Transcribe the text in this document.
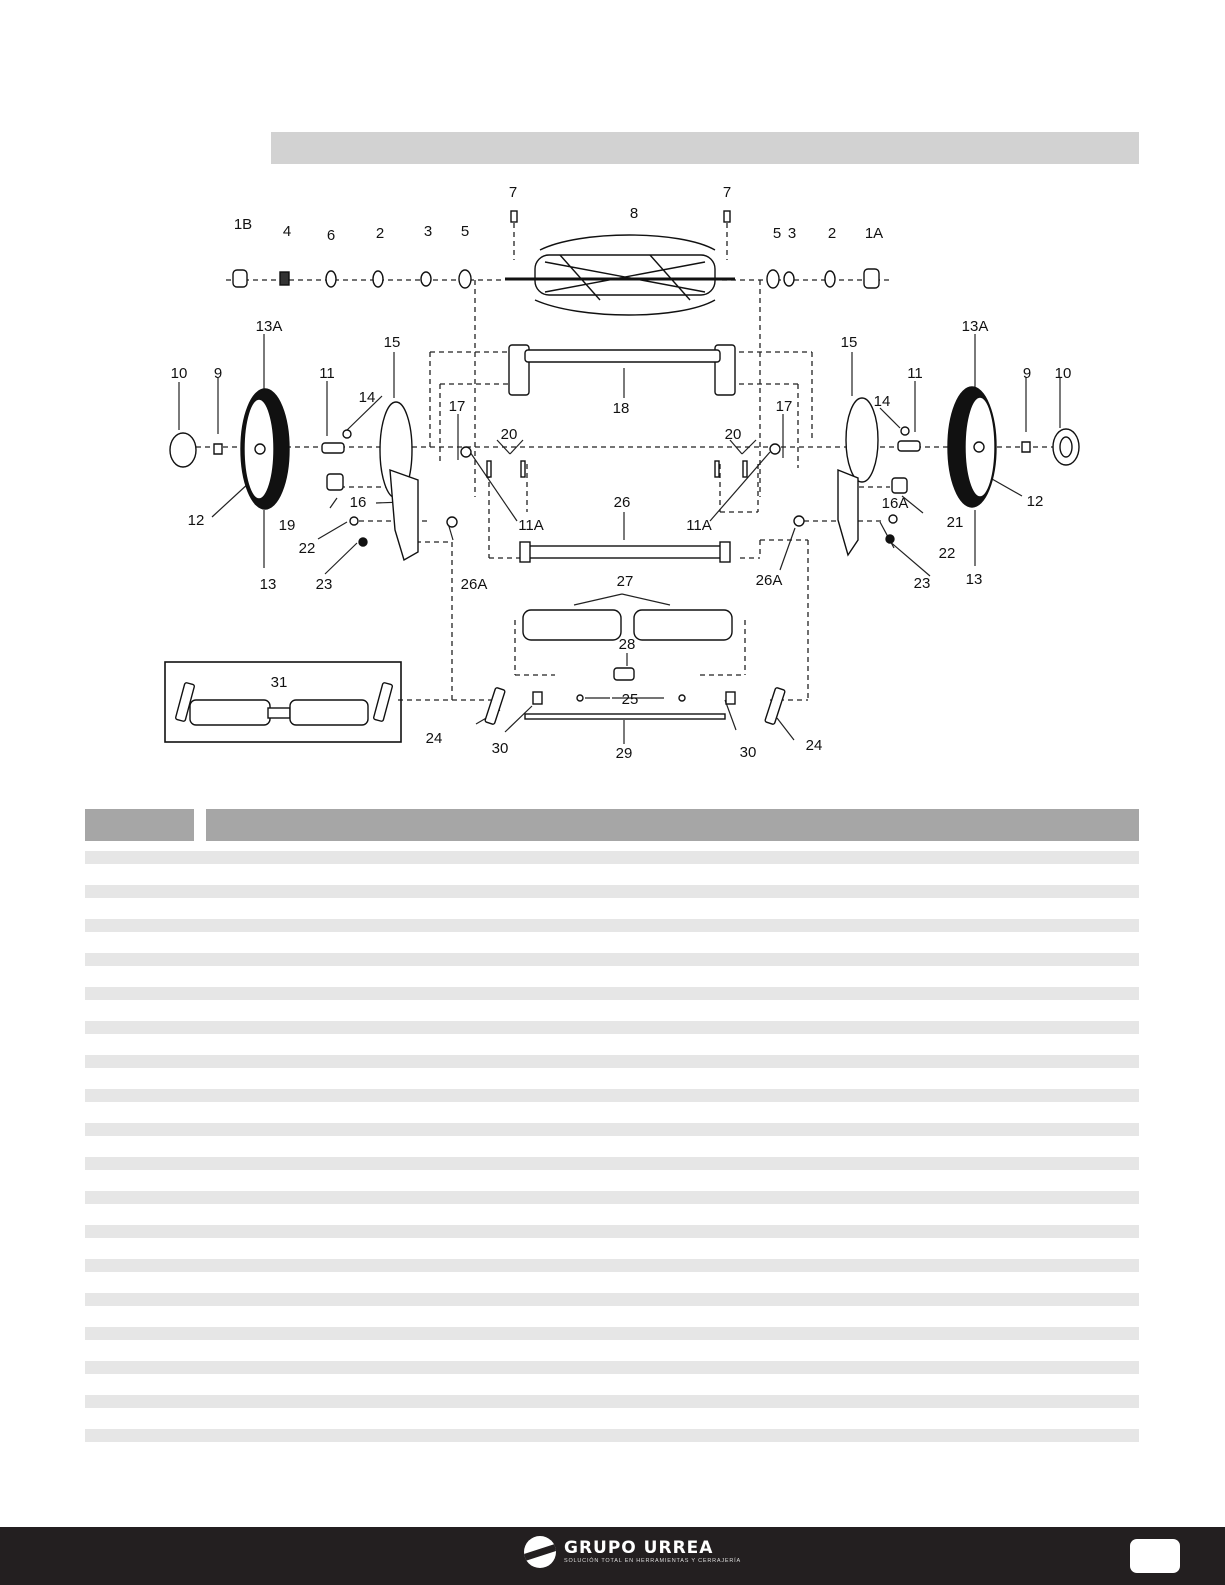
1B 4 6	2	3 5
7
8
7
5 3 2 1A
13A
15
10 9	11
14
18
17
20	20
17
15
14
11
13A
9 10
12	19
16
11A
26
11A
16A
21
12
22
13	23	26A	26A
22
23 13
27
28
31
25
24
30	29	30	24
GRUPO URREA
SOLUCIÓN TOTAL EN HERRAMIENTAS Y CERRAJERÍA
